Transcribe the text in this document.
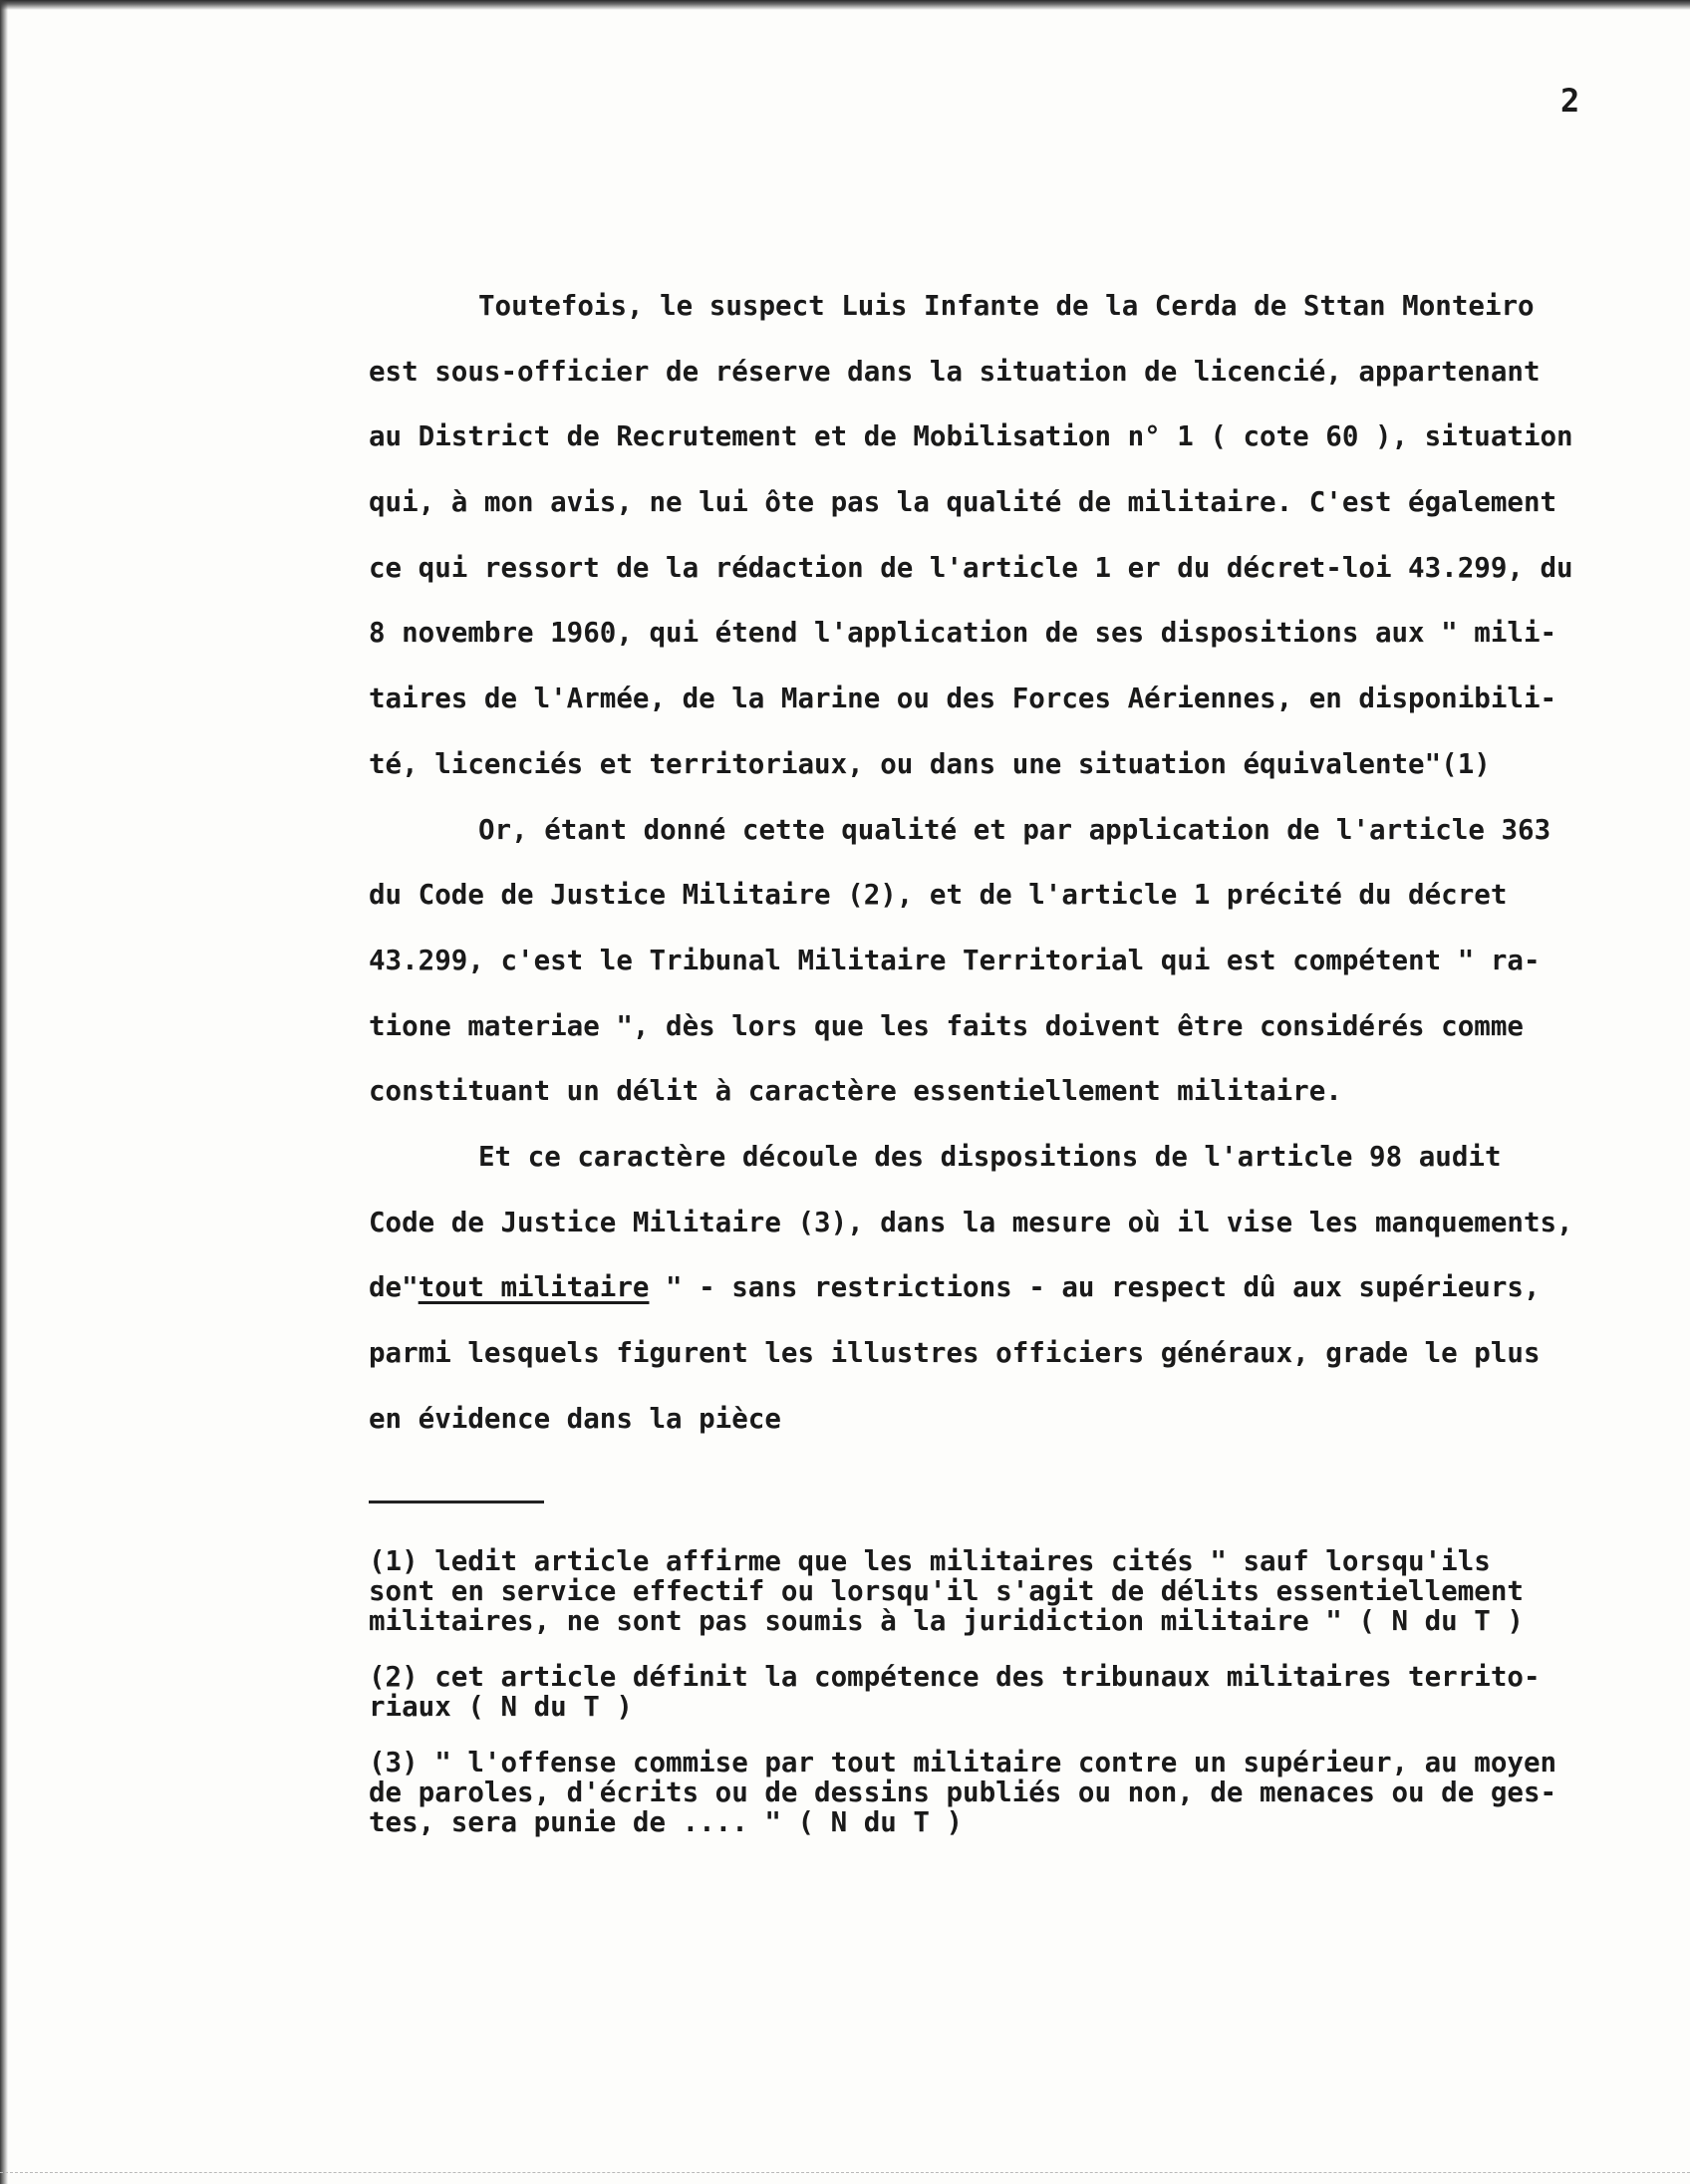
2
Toutefois, le suspect Luis Infante de la Cerda de Sttan Monteiro
est sous-officier de réserve dans la situation de licencié, appartenant
au District de Recrutement et de Mobilisation n° 1 ( cote 60 ), situation
qui, à mon avis, ne lui ôte pas la qualité de militaire. C'est également
ce qui ressort de la rédaction de l'article 1 er du décret-loi 43.299, du
8 novembre 1960, qui étend l'application de ses dispositions aux " mili-
taires de l'Armée, de la Marine ou des Forces Aériennes, en disponibili-
té, licenciés et territoriaux, ou dans une situation équivalente"(1)
Or, étant donné cette qualité et par application de l'article 363
du Code de Justice Militaire (2), et de l'article 1 précité du décret
43.299, c'est le Tribunal Militaire Territorial qui est compétent " ra-
tione materiae ", dès lors que les faits doivent être considérés comme
constituant un délit à caractère essentiellement militaire.
Et ce caractère découle des dispositions de l'article 98 audit
Code de Justice Militaire (3), dans la mesure où il vise les manquements,
de"tout militaire " - sans restrictions - au respect dû aux supérieurs,
parmi lesquels figurent les illustres officiers généraux, grade le plus
en évidence dans la pièce
(1) ledit article affirme que les militaires cités " sauf lorsqu'ils
sont en service effectif ou lorsqu'il s'agit de délits essentiellement
militaires, ne sont pas soumis à la juridiction militaire " ( N du T )
(2) cet article définit la compétence des tribunaux militaires territo-
riaux ( N du T )
(3) " l'offense commise par tout militaire contre un supérieur, au moyen
de paroles, d'écrits ou de dessins publiés ou non, de menaces ou de ges-
tes, sera punie de .... " ( N du T )
